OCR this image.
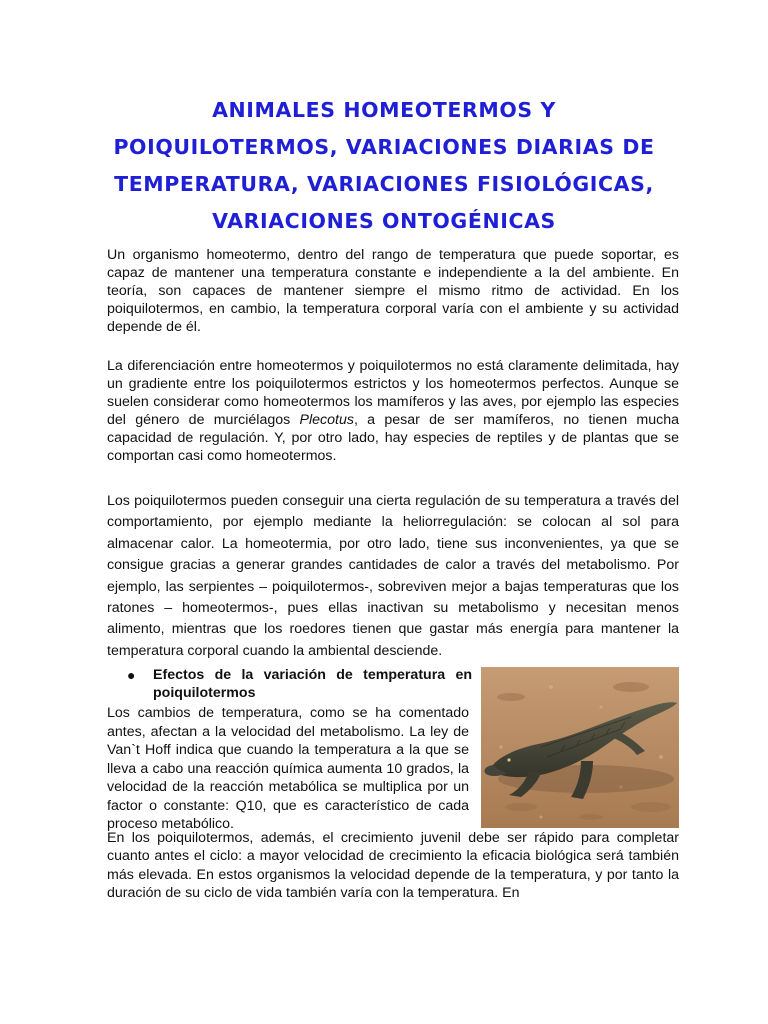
ANIMALES HOMEOTERMOS Y
POIQUILOTERMOS, VARIACIONES DIARIAS DE
TEMPERATURA, VARIACIONES FISIOLÓGICAS,
VARIACIONES ONTOGÉNICAS

Un organismo homeotermo, dentro del rango de temperatura que puede soportar, es capaz de mantener una temperatura constante e independiente a la del ambiente. En teoría, son capaces de mantener siempre el mismo ritmo de actividad. En los poiquilotermos, en cambio, la temperatura corporal varía con el ambiente y su actividad depende de él.

La diferenciación entre homeotermos y poiquilotermos no está claramente delimitada, hay un gradiente entre los poiquilotermos estrictos y los homeotermos perfectos. Aunque se suelen considerar como homeotermos los mamíferos y las aves, por ejemplo las especies del género de murciélagos Plecotus, a pesar de ser mamíferos, no tienen mucha capacidad de regulación. Y, por otro lado, hay especies de reptiles y de plantas que se comportan casi como homeotermos.

Los poiquilotermos pueden conseguir una cierta regulación de su temperatura a través del comportamiento, por ejemplo mediante la heliorregulación: se colocan al sol para almacenar calor. La homeotermia, por otro lado, tiene sus inconvenientes, ya que se consigue gracias a generar grandes cantidades de calor a través del metabolismo. Por ejemplo, las serpientes – poiquilotermos-, sobreviven mejor a bajas temperaturas que los ratones – homeotermos-, pues ellas inactivan su metabolismo y necesitan menos alimento, mientras que los roedores tienen que gastar más energía para mantener la temperatura corporal cuando la ambiental desciende.

● Efectos de la variación de temperatura en poiquilotermos

Los cambios de temperatura, como se ha comentado antes, afectan a la velocidad del metabolismo. La ley de Van`t Hoff indica que cuando la temperatura a la que se lleva a cabo una reacción química aumenta 10 grados, la velocidad de la reacción metabólica se multiplica por un factor o constante: Q10, que es característico de cada proceso metabólico.

En los poiquilotermos, además, el crecimiento juvenil debe ser rápido para completar cuanto antes el ciclo: a mayor velocidad de crecimiento la eficacia biológica será también más elevada. En estos organismos la velocidad depende de la temperatura, y por tanto la duración de su ciclo de vida también varía con la temperatura. En
